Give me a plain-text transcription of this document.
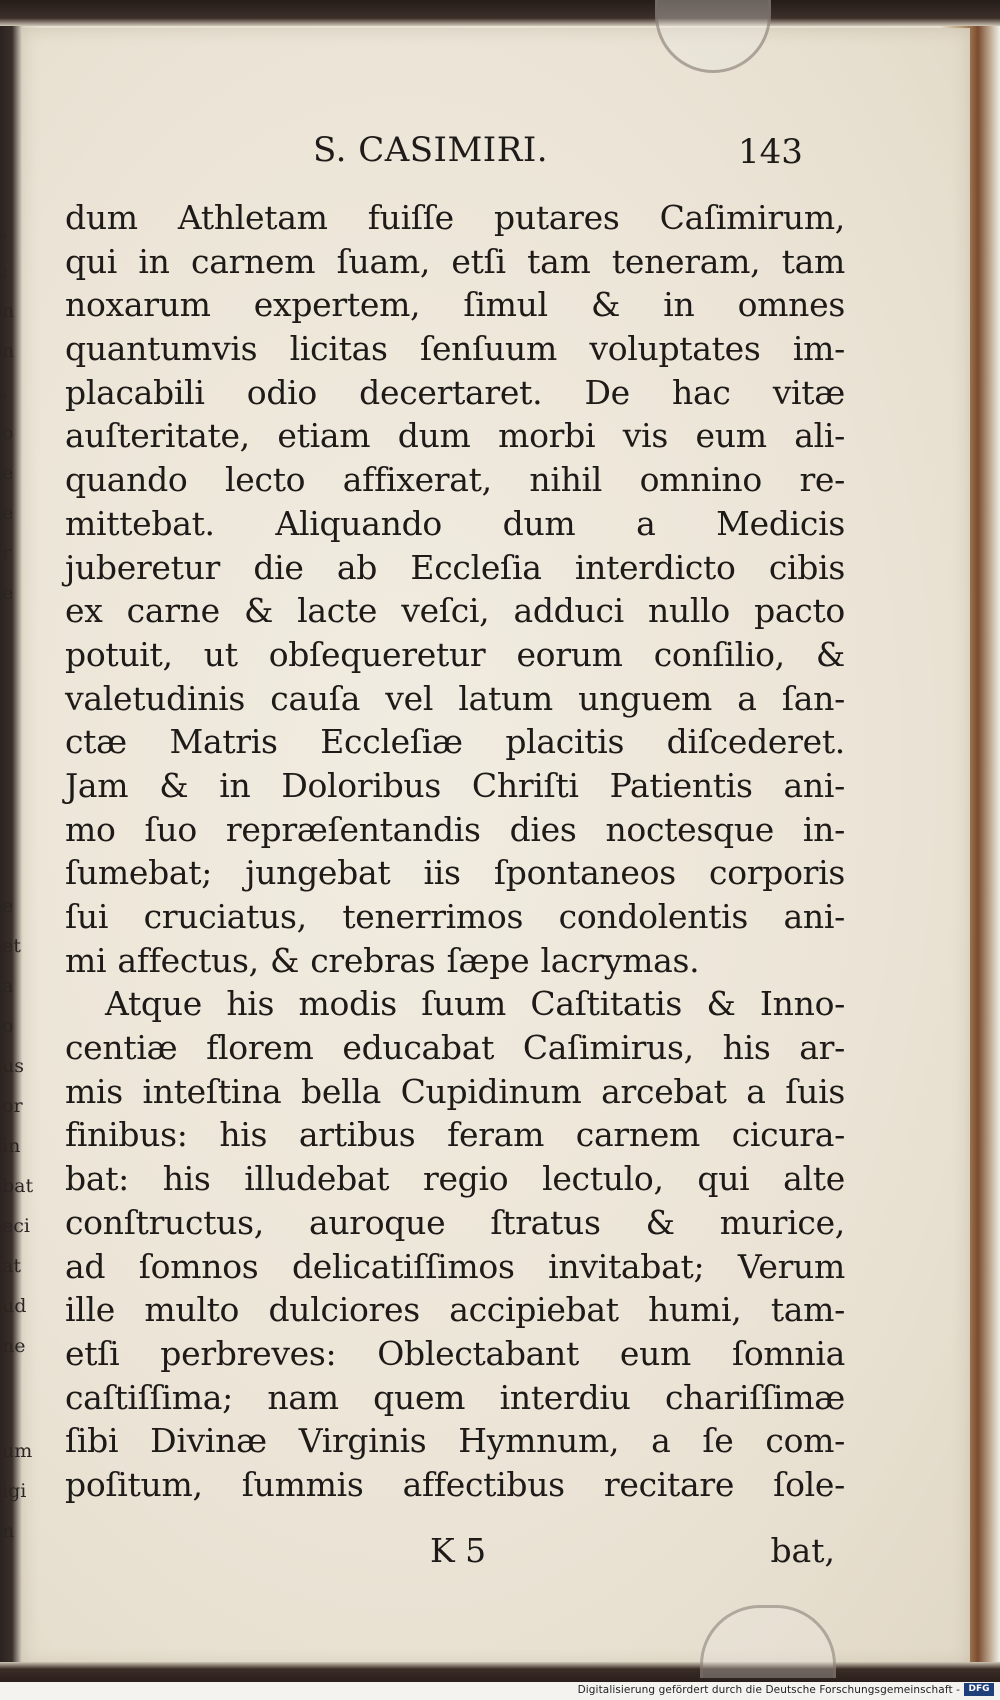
,
;
n
n
,
o
e
e
r
e
e
et
a
o
us
or
in
bat
eci
at
ud
ne
um
igi
n
S. CASIMIRI.	143
dum Athletam fuiſſe putares Caſimirum,
qui in carnem ſuam, etſi tam teneram, tam
noxarum expertem, ſimul & in omnes
quantumvis licitas ſenſuum voluptates im-
placabili odio decertaret. De hac vitæ
auſteritate, etiam dum morbi vis eum ali-
quando lecto affixerat, nihil omnino re-
mittebat. Aliquando dum a Medicis
juberetur die ab Eccleſia interdicto cibis
ex carne & lacte veſci, adduci nullo pacto
potuit, ut obſequeretur eorum conſilio, &
valetudinis cauſa vel latum unguem a ſan-
ctæ Matris Eccleſiæ placitis diſcederet.
Jam & in Doloribus Chriſti Patientis ani-
mo ſuo repræſentandis dies noctesque in-
ſumebat; jungebat iis ſpontaneos corporis
ſui cruciatus, tenerrimos condolentis ani-
mi affectus, & crebras ſæpe lacrymas.
Atque his modis ſuum Caſtitatis & Inno-
centiæ florem educabat Caſimirus, his ar-
mis inteſtina bella Cupidinum arcebat a ſuis
finibus: his artibus feram carnem cicura-
bat: his illudebat regio lectulo, qui alte
conſtructus, auroque ſtratus & murice,
ad ſomnos delicatiſſimos invitabat; Verum
ille multo dulciores accipiebat humi, tam-
etſi perbreves: Oblectabant eum ſomnia
caſtiſſima; nam quem interdiu chariſſimæ
ſibi Divinæ Virginis Hymnum, a ſe com-
poſitum, ſummis affectibus recitare ſole-
K 5	bat,
Digitalisierung gefördert durch die Deutsche Forschungsgemeinschaft - DFG
